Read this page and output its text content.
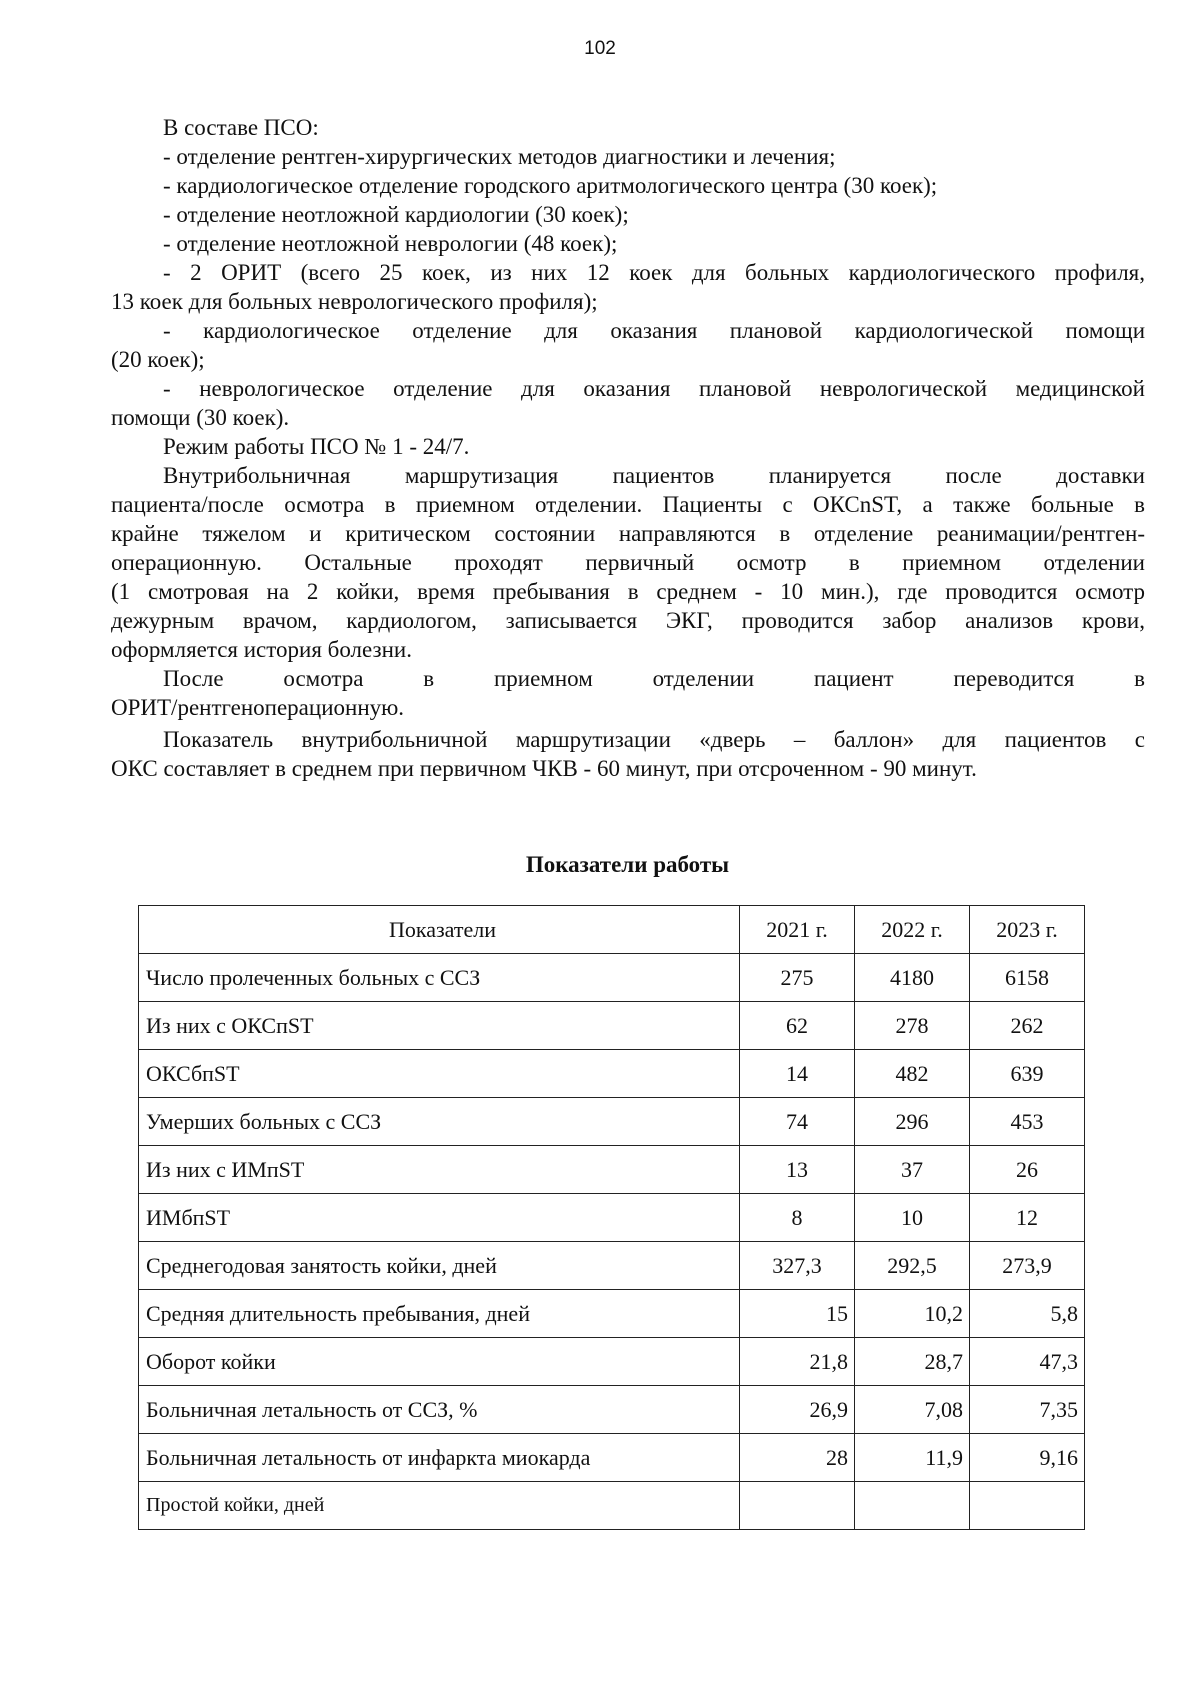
102
В составе ПСО:
- отделение рентген-хирургических методов диагностики и лечения;
- кардиологическое отделение городского аритмологического центра (30 коек);
- отделение неотложной кардиологии (30 коек);
- отделение неотложной неврологии (48 коек);
- 2 ОРИТ (всего 25 коек, из них 12 коек для больных кардиологического профиля,
13 коек для больных неврологического профиля);
- кардиологическое отделение для оказания плановой кардиологической помощи
(20 коек);
- неврологическое отделение для оказания плановой неврологической медицинской
помощи (30 коек).
Режим работы ПСО № 1 - 24/7.
Внутрибольничная маршрутизация пациентов планируется после доставки
пациента/после осмотра в приемном отделении. Пациенты с ОКСnST, а также больные в
крайне тяжелом и критическом состоянии направляются в отделение реанимации/рентген-
операционную. Остальные проходят первичный осмотр в приемном отделении
(1 смотровая на 2 койки, время пребывания в среднем - 10 мин.), где проводится осмотр
дежурным врачом, кардиологом, записывается ЭКГ, проводится забор анализов крови,
оформляется история болезни.
После осмотра в приемном отделении пациент переводится в
ОРИТ/рентгеноперационную.
Показатель внутрибольничной маршрутизации «дверь – баллон» для пациентов с
ОКС составляет в среднем при первичном ЧКВ - 60 минут, при отсроченном - 90 минут.
Показатели работы
Показатели	2021 г.	2022 г.	2023 г.
Число пролеченных больных с ССЗ	275	4180	6158
Из них с ОКСпST	62	278	262
ОКСбпST	14	482	639
Умерших больных с ССЗ	74	296	453
Из них с ИМпST	13	37	26
ИМбпST	8	10	12
Среднегодовая занятость койки, дней	327,3	292,5	273,9
Средняя длительность пребывания, дней	15	10,2	5,8
Оборот койки	21,8	28,7	47,3
Больничная летальность от ССЗ, %	26,9	7,08	7,35
Больничная летальность от инфаркта миокарда	28	11,9	9,16
Простой койки, дней			
